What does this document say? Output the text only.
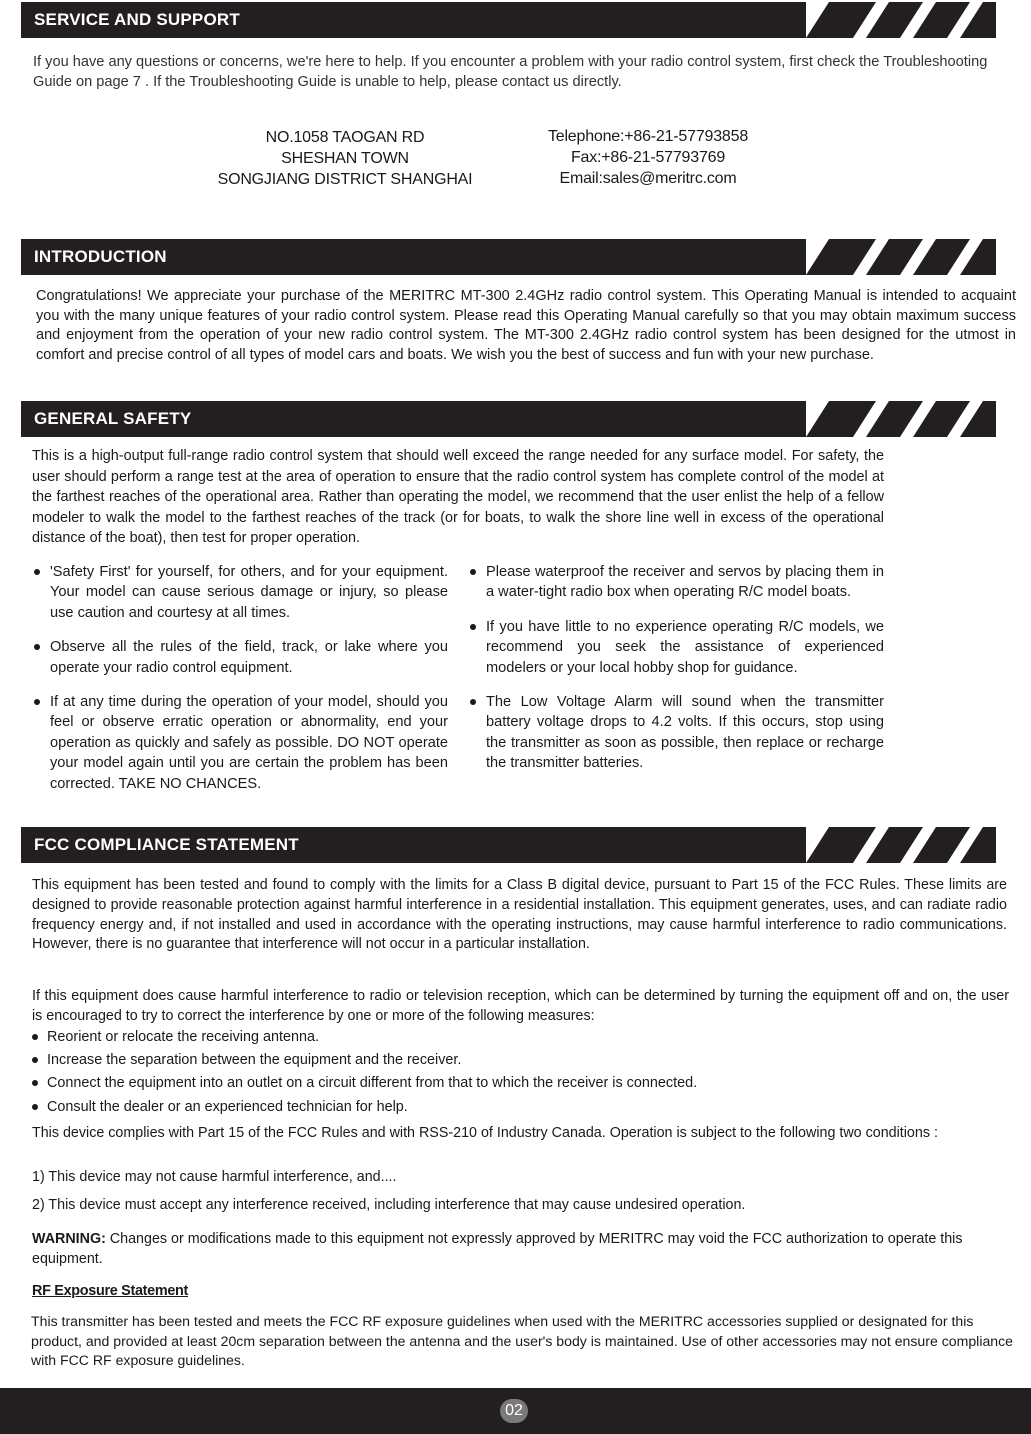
SERVICE AND SUPPORT
If you have any questions or concerns, we're here to help. If you encounter a problem with your radio control system, first check the Troubleshooting Guide on page 7 . If the Troubleshooting Guide is unable to help, please contact us directly.
NO.1058 TAOGAN RD
SHESHAN TOWN
SONGJIANG DISTRICT SHANGHAI
Telephone:+86-21-57793858
Fax:+86-21-57793769
Email:sales@meritrc.com
INTRODUCTION
Congratulations! We appreciate your purchase of the MERITRC MT-300 2.4GHz radio control system. This Operating Manual is intended to acquaint you with the many unique features of your radio control system. Please read this Operating Manual carefully so that you may obtain maximum success and enjoyment from the operation of your new radio control system. The MT-300 2.4GHz radio control system has been designed for the utmost in comfort and precise control of all types of model cars and boats. We wish you the best of success and fun with your new purchase.
GENERAL SAFETY
This is a high-output full-range radio control system that should well exceed the range needed for any surface model. For safety, the user should perform a range test at the area of operation to ensure that the radio control system has complete control of the model at the farthest reaches of the operational area. Rather than operating the model, we recommend that the user enlist the help of a fellow modeler to walk the model to the farthest reaches of the track (or for boats, to walk the shore line well in excess of the operational distance of the boat), then test for proper operation.
'Safety First' for yourself, for others, and for your equipment. Your model can cause serious damage or injury, so please use caution and courtesy at all times.
Observe all the rules of the field, track, or lake where you operate your radio control equipment.
If at any time during the operation of your model, should you feel or observe erratic operation or abnormality, end your operation as quickly and safely as possible. DO NOT operate your model again until you are certain the problem has been corrected. TAKE NO CHANCES.
Please waterproof the receiver and servos by placing them in a water-tight radio box when operating R/C model boats.
If you have little to no experience operating R/C models, we recommend you seek the assistance of experienced modelers or your local hobby shop for guidance.
The Low Voltage Alarm will sound when the transmitter battery voltage drops to 4.2 volts. If this occurs, stop using the transmitter as soon as possible, then replace or recharge the transmitter batteries.
FCC COMPLIANCE STATEMENT
This equipment has been tested and found to comply with the limits for a Class B digital device, pursuant to Part 15 of the FCC Rules. These limits are designed to provide reasonable protection against harmful interference in a residential installation. This equipment generates, uses, and can radiate radio frequency energy and, if not installed and used in accordance with the operating instructions, may cause harmful interference to radio communications. However, there is no guarantee that interference will not occur in a particular installation.
If this equipment does cause harmful interference to radio or television reception, which can be determined by turning the equipment off and on, the user is encouraged to try to correct the interference by one or more of the following measures:
Reorient or relocate the receiving antenna.
Increase the separation between the equipment and the receiver.
Connect the equipment into an outlet on a circuit different from that to which the receiver is connected.
Consult the dealer or an experienced technician for help.
This device complies with Part 15 of the FCC Rules and with RSS-210 of Industry Canada. Operation is subject to the following two conditions :
1) This device may not cause harmful interference, and....
2) This device must accept any interference received, including interference that may cause undesired operation.
WARNING: Changes or modifications made to this equipment not expressly approved by MERITRC may void the FCC authorization to operate this equipment.
RF Exposure Statement
This transmitter has been tested and meets the FCC RF exposure guidelines when used with the MERITRC accessories supplied or designated for this product, and provided at least 20cm separation between the antenna and the user's body is maintained. Use of other accessories may not ensure compliance with FCC RF exposure guidelines.
02
